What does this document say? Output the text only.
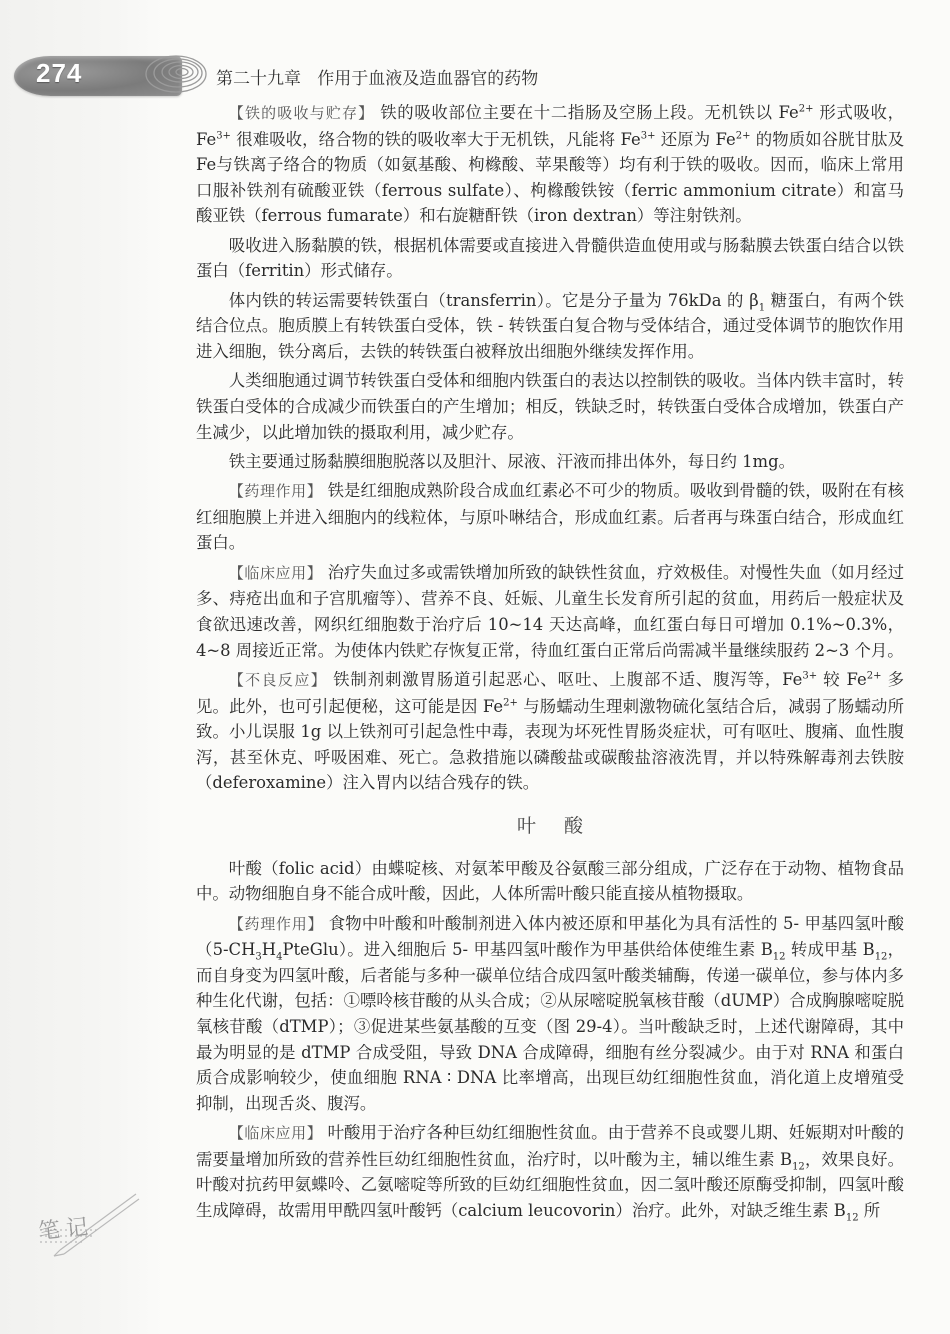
274	第二十九章   作用于血液及造血器官的药物

【铁的吸收与贮存】 铁的吸收部位主要在十二指肠及空肠上段。无机铁以 $Fe^{2+}$ 形式吸收，$Fe^{3+}$ 很难吸收，络合物的铁的吸收率大于无机铁，凡能将 $Fe^{3+}$ 还原为 $Fe^{2+}$ 的物质如谷胱甘肽及Fe与铁离子络合的物质（如氨基酸、枸橼酸、苹果酸等）均有利于铁的吸收。因而，临床上常用口服补铁剂有硫酸亚铁（ferrous sulfate）、枸橼酸铁铵（ferric ammonium citrate）和富马酸亚铁（ferrous fumarate）和右旋糖酐铁（iron dextran）等注射铁剂。

吸收进入肠黏膜的铁，根据机体需要或直接进入骨髓供造血使用或与肠黏膜去铁蛋白结合以铁蛋白（ferritin）形式储存。

体内铁的转运需要转铁蛋白（transferrin）。它是分子量为 76kDa 的 $\beta_1$ 糖蛋白，有两个铁结合位点。胞质膜上有转铁蛋白受体，铁 - 转铁蛋白复合物与受体结合，通过受体调节的胞饮作用进入细胞，铁分离后，去铁的转铁蛋白被释放出细胞外继续发挥作用。

人类细胞通过调节转铁蛋白受体和细胞内铁蛋白的表达以控制铁的吸收。当体内铁丰富时，转铁蛋白受体的合成减少而铁蛋白的产生增加；相反，铁缺乏时，转铁蛋白受体合成增加，铁蛋白产生减少，以此增加铁的摄取利用，减少贮存。

铁主要通过肠黏膜细胞脱落以及胆汁、尿液、汗液而排出体外，每日约 1mg。

【药理作用】 铁是红细胞成熟阶段合成血红素必不可少的物质。吸收到骨髓的铁，吸附在有核红细胞膜上并进入细胞内的线粒体，与原卟啉结合，形成血红素。后者再与珠蛋白结合，形成血红蛋白。

【临床应用】 治疗失血过多或需铁增加所致的缺铁性贫血，疗效极佳。对慢性失血（如月经过多、痔疮出血和子宫肌瘤等）、营养不良、妊娠、儿童生长发育所引起的贫血，用药后一般症状及食欲迅速改善，网织红细胞数于治疗后 10~14 天达高峰，血红蛋白每日可增加 0.1%~0.3%，4~8 周接近正常。为使体内铁贮存恢复正常，待血红蛋白正常后尚需减半量继续服药 2~3 个月。

【不良反应】 铁制剂刺激胃肠道引起恶心、呕吐、上腹部不适、腹泻等，$Fe^{3+}$ 较 $Fe^{2+}$ 多见。此外，也可引起便秘，这可能是因 $Fe^{2+}$ 与肠蠕动生理刺激物硫化氢结合后，减弱了肠蠕动所致。小儿误服 1g 以上铁剂可引起急性中毒，表现为坏死性胃肠炎症状，可有呕吐、腹痛、血性腹泻，甚至休克、呼吸困难、死亡。急救措施以磷酸盐或碳酸盐溶液洗胃，并以特殊解毒剂去铁胺（deferoxamine）注入胃内以结合残存的铁。

叶酸

叶酸（folic acid）由蝶啶核、对氨苯甲酸及谷氨酸三部分组成，广泛存在于动物、植物食品中。动物细胞自身不能合成叶酸，因此，人体所需叶酸只能直接从植物摄取。

【药理作用】 食物中叶酸和叶酸制剂进入体内被还原和甲基化为具有活性的 5- 甲基四氢叶酸$(5-CH_3H_4PteGlu)$。进入细胞后 5- 甲基四氢叶酸作为甲基供给体使维生素 $B_{12}$ 转成甲基 $B_{12}$，而自身变为四氢叶酸，后者能与多种一碳单位结合成四氢叶酸类辅酶，传递一碳单位，参与体内多种生化代谢，包括：①嘌呤核苷酸的从头合成；②从尿嘧啶脱氧核苷酸（dUMP）合成胸腺嘧啶脱氧核苷酸（dTMP）；③促进某些氨基酸的互变（图 29-4）。当叶酸缺乏时，上述代谢障碍，其中最为明显的是 dTMP 合成受阻，导致 DNA 合成障碍，细胞有丝分裂减少。由于对 RNA 和蛋白质合成影响较少，使血细胞 RNA ∶ DNA 比率增高，出现巨幼红细胞性贫血，消化道上皮增殖受抑制，出现舌炎、腹泻。

【临床应用】 叶酸用于治疗各种巨幼红细胞性贫血。由于营养不良或婴儿期、妊娠期对叶酸的需要量增加所致的营养性巨幼红细胞性贫血，治疗时，以叶酸为主，辅以维生素 $B_{12}$，效果良好。叶酸对抗药甲氨蝶呤、乙氨嘧啶等所致的巨幼红细胞性贫血，因二氢叶酸还原酶受抑制，四氢叶酸生成障碍，故需用甲酰四氢叶酸钙（calcium leucovorin）治疗。此外，对缺乏维生素 $B_{12}$ 所

笔记
